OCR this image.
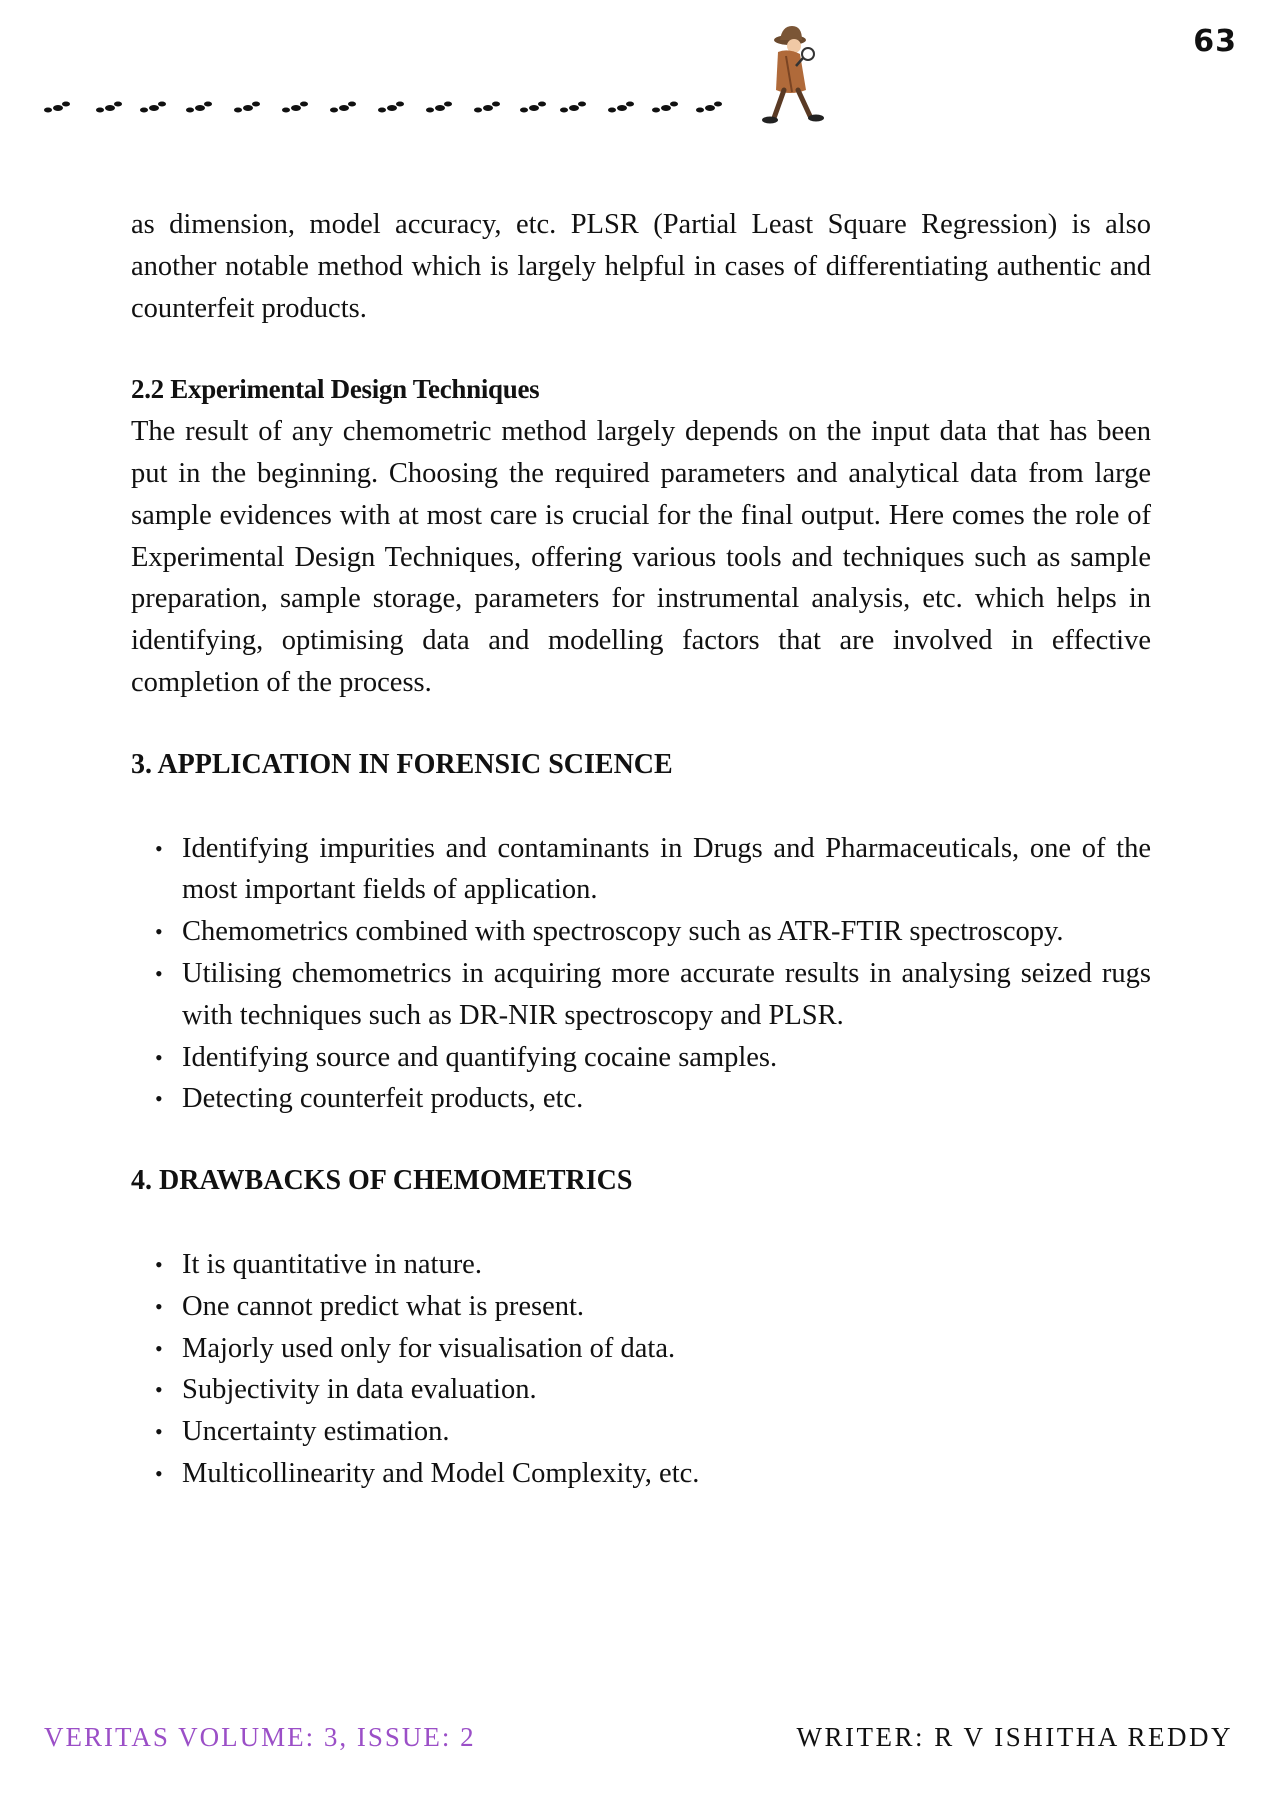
63

as dimension, model accuracy, etc. PLSR (Partial Least Square Regression) is also another notable method which is largely helpful in cases of differentiating authentic and counterfeit products.

2.2 Experimental Design Techniques

The result of any chemometric method largely depends on the input data that has been put in the beginning. Choosing the required parameters and analytical data from large sample evidences with at most care is crucial for the final output. Here comes the role of Experimental Design Techniques, offering various tools and techniques such as sample preparation, sample storage, parameters for instrumental analysis, etc. which helps in identifying, optimising data and modelling factors that are involved in effective completion of the process.

3. APPLICATION IN FORENSIC SCIENCE

• Identifying impurities and contaminants in Drugs and Pharmaceuticals, one of the most important fields of application.
• Chemometrics combined with spectroscopy such as ATR-FTIR spectroscopy.
• Utilising chemometrics in acquiring more accurate results in analysing seized rugs with techniques such as DR-NIR spectroscopy and PLSR.
• Identifying source and quantifying cocaine samples.
• Detecting counterfeit products, etc.

4. DRAWBACKS OF CHEMOMETRICS

• It is quantitative in nature.
• One cannot predict what is present.
• Majorly used only for visualisation of data.
• Subjectivity in data evaluation.
• Uncertainty estimation.
• Multicollinearity and Model Complexity, etc.
VERITAS VOLUME: 3, ISSUE: 2	WRITER: R V ISHITHA REDDY
